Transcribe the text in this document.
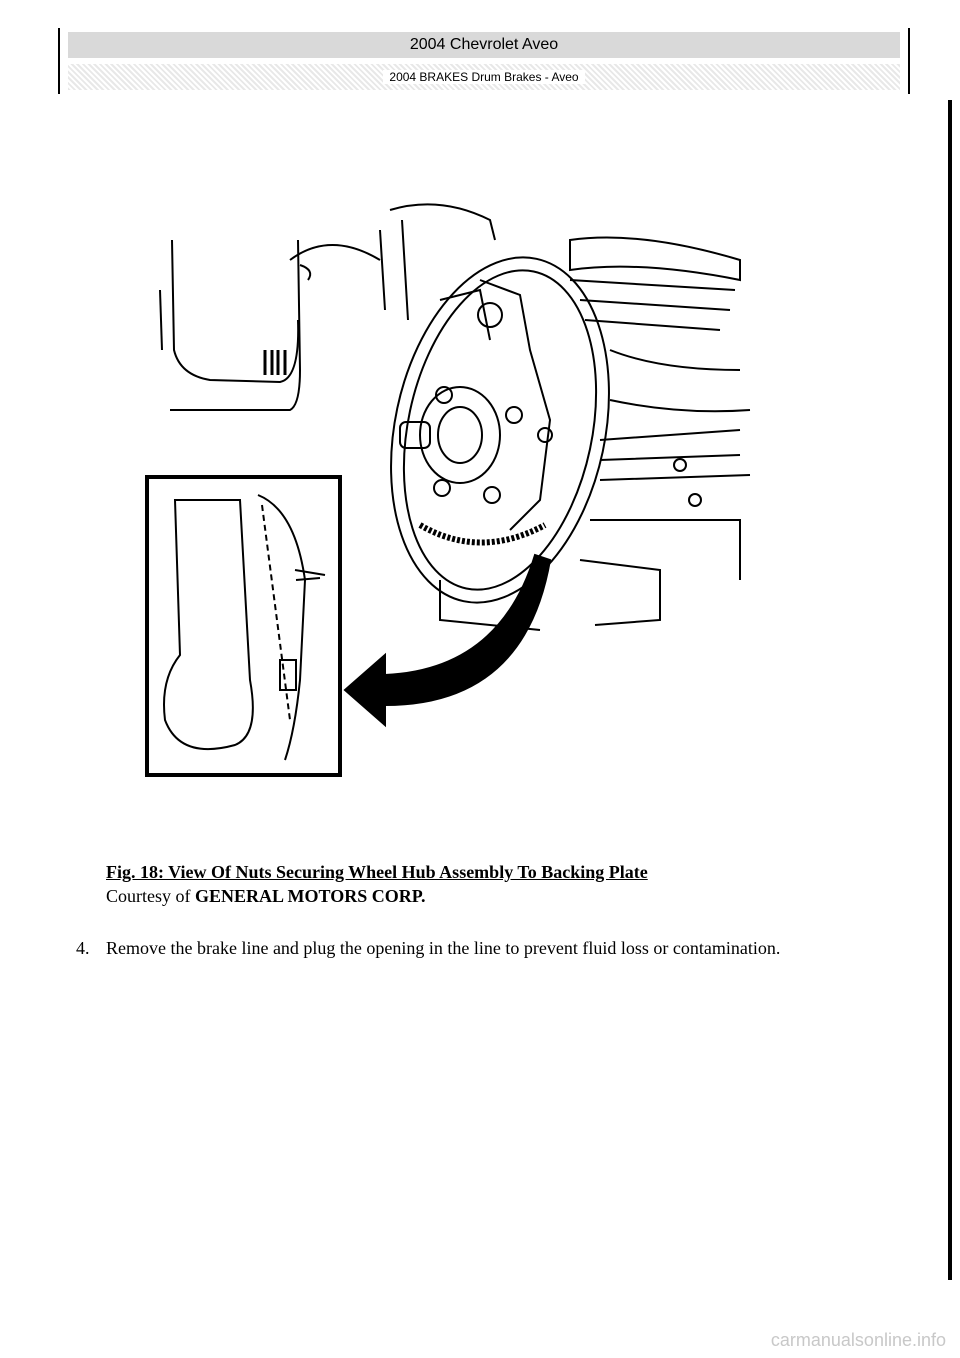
2004 Chevrolet Aveo
2004 BRAKES Drum Brakes - Aveo
Fig. 18: View Of Nuts Securing Wheel Hub Assembly To Backing Plate
Courtesy of GENERAL MOTORS CORP.
4. Remove the brake line and plug the opening in the line to prevent fluid loss or contamination.
carmanualsonline.info
